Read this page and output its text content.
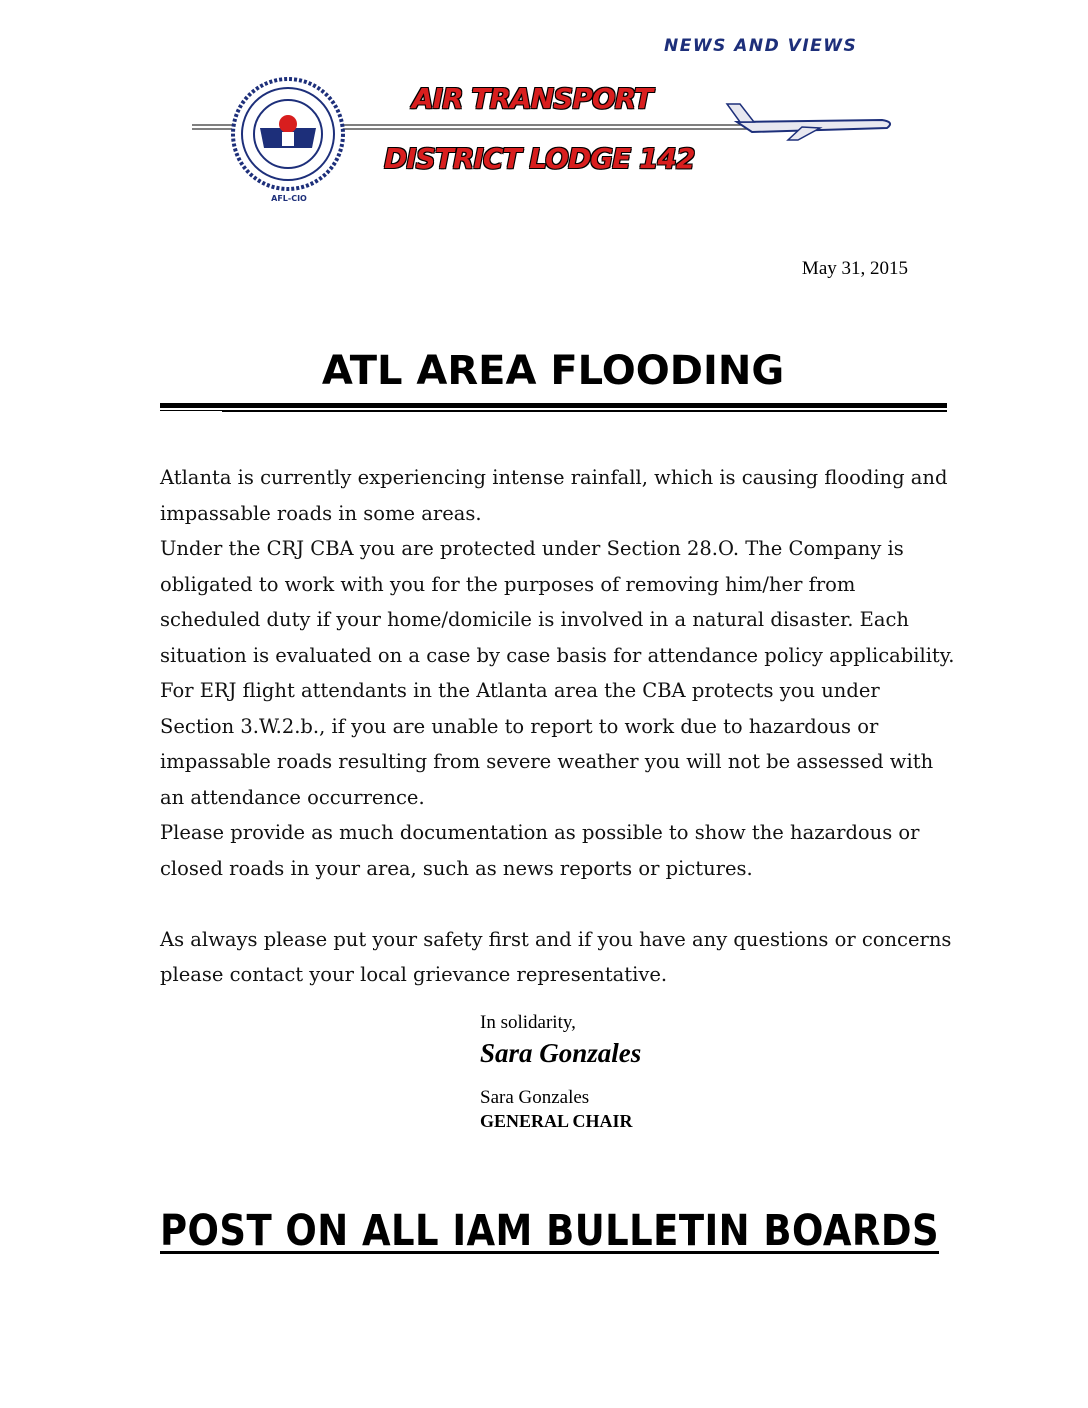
NEWS AND VIEWS
AFL-CIO
AIR TRANSPORT
DISTRICT LODGE 142
May 31, 2015
ATL AREA FLOODING

Atlanta is currently experiencing intense rainfall, which is causing flooding and impassable roads in some areas.

Under the CRJ CBA you are protected under Section 28.O. The Company is obligated to work with you for the purposes of removing him/her from scheduled duty if your home/domicile is involved in a natural disaster. Each situation is evaluated on a case by case basis for attendance policy applicability.

For ERJ flight attendants in the Atlanta area the CBA protects you under Section 3.W.2.b., if you are unable to report to work due to hazardous or impassable roads resulting from severe weather you will not be assessed with an attendance occurrence.

Please provide as much documentation as possible to show the hazardous or closed roads in your area, such as news reports or pictures.

As always please put your safety first and if you have any questions or concerns please contact your local grievance representative.

In solidarity,
Sara Gonzales
Sara Gonzales
GENERAL CHAIR
POST ON ALL IAM BULLETIN BOARDS
